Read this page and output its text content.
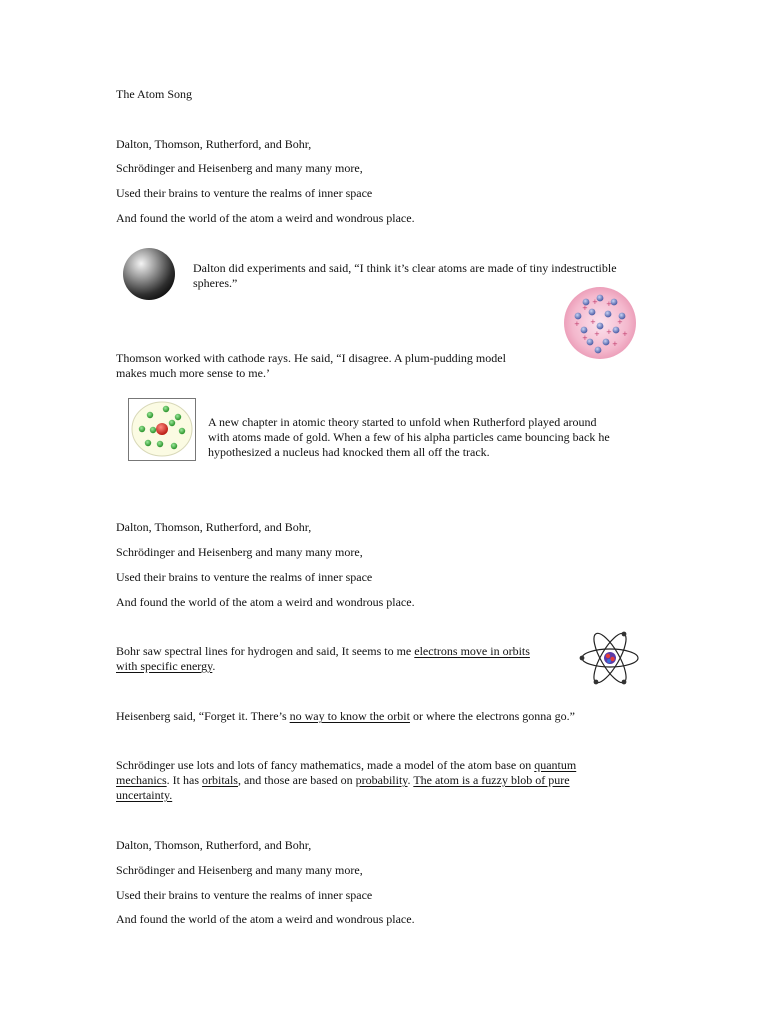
The Atom Song
Dalton, Thomson, Rutherford, and Bohr,
Schrödinger and Heisenberg and many many more,
Used their brains to venture the realms of inner space
And found the world of the atom a weird and wondrous place.
Dalton did experiments and said, “I think it’s clear atoms are made of tiny indestructible
spheres.”
+ +
+
+
+
+
+
+	+
+
+
Thomson worked with cathode rays. He said, “I disagree. A plum-pudding model
makes much more sense to me.’
A new chapter in atomic theory started to unfold when Rutherford played around
with atoms made of gold. When a few of his alpha particles came bouncing back he
hypothesized a nucleus had knocked them all off the track.
Dalton, Thomson, Rutherford, and Bohr,
Schrödinger and Heisenberg and many many more,
Used their brains to venture the realms of inner space
And found the world of the atom a weird and wondrous place.
Bohr saw spectral lines for hydrogen and said, It seems to me electrons move in orbits
with specific energy.
Heisenberg said, “Forget it. There’s no way to know the orbit or where the electrons gonna go.”
Schrödinger use lots and lots of fancy mathematics, made a model of the atom base on quantum
mechanics. It has orbitals, and those are based on probability. The atom is a fuzzy blob of pure
uncertainty.
Dalton, Thomson, Rutherford, and Bohr,
Schrödinger and Heisenberg and many many more,
Used their brains to venture the realms of inner space
And found the world of the atom a weird and wondrous place.
